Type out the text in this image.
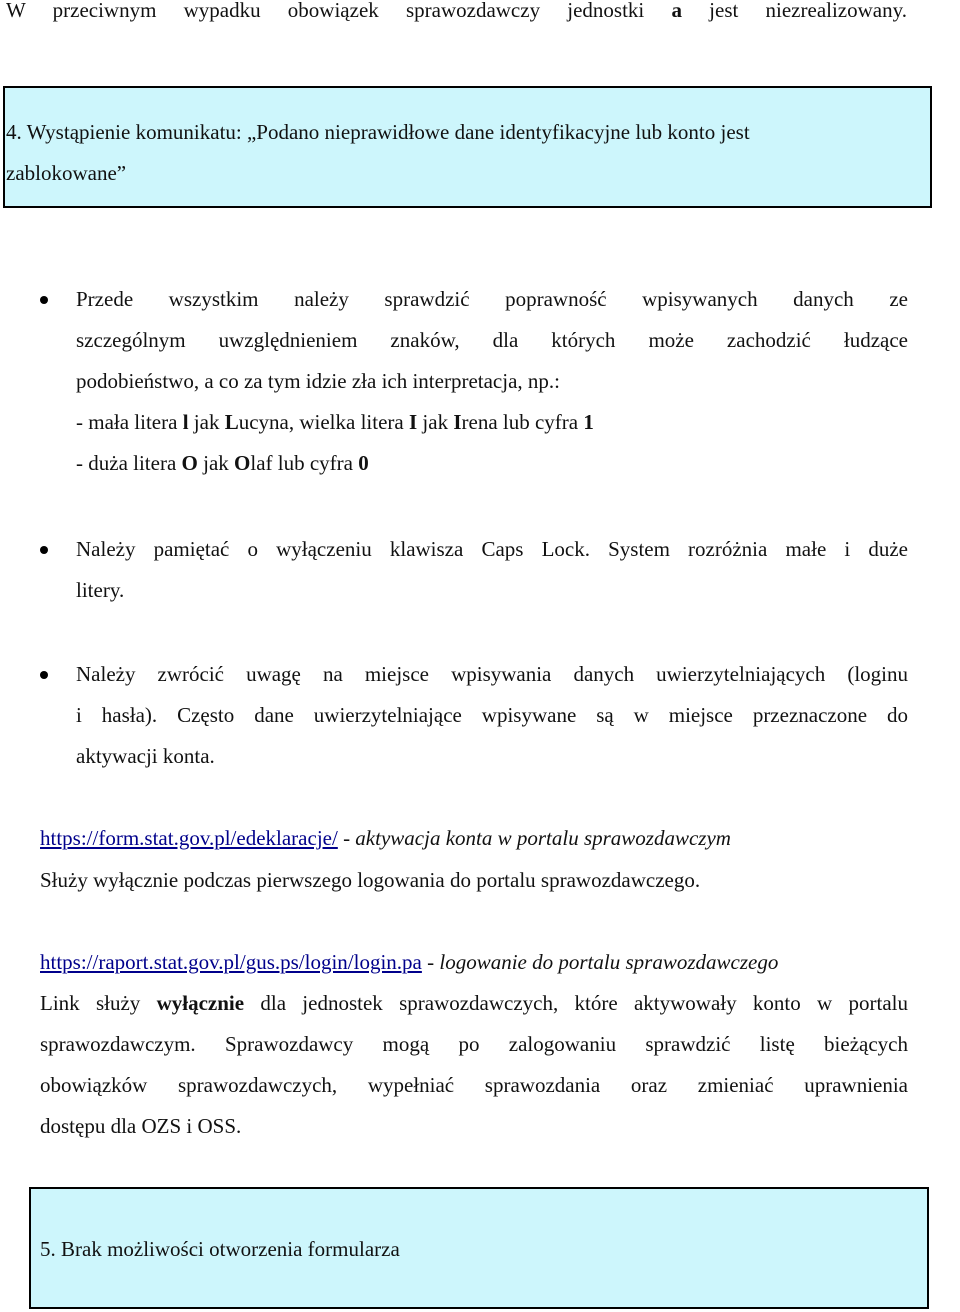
W przeciwnym wypadku obowiązek sprawozdawczy jednostki a jest niezrealizowany.
4. Wystąpienie komunikatu: „Podano nieprawidłowe dane identyfikacyjne lub konto jest
zablokowane”
Przede wszystkim należy sprawdzić poprawność wpisywanych danych ze
szczególnym uwzględnieniem znaków, dla których może zachodzić łudzące
podobieństwo, a co za tym idzie zła ich interpretacja, np.:
- mała litera l jak Lucyna, wielka litera I jak Irena lub cyfra 1
- duża litera O jak Olaf lub cyfra 0
Należy pamiętać o wyłączeniu klawisza Caps Lock. System rozróżnia małe i duże
litery.
Należy zwrócić uwagę na miejsce wpisywania danych uwierzytelniających (loginu
i hasła). Często dane uwierzytelniające wpisywane są w miejsce przeznaczone do
aktywacji konta.
https://form.stat.gov.pl/edeklaracje/ - aktywacja konta w portalu sprawozdawczym
Służy wyłącznie podczas pierwszego logowania do portalu sprawozdawczego.
https://raport.stat.gov.pl/gus.ps/login/login.pa - logowanie do portalu sprawozdawczego
Link służy wyłącznie dla jednostek sprawozdawczych, które aktywowały konto w portalu
sprawozdawczym. Sprawozdawcy mogą po zalogowaniu sprawdzić listę bieżących
obowiązków sprawozdawczych, wypełniać sprawozdania oraz zmieniać uprawnienia
dostępu dla OZS i OSS.
5. Brak możliwości otworzenia formularza
